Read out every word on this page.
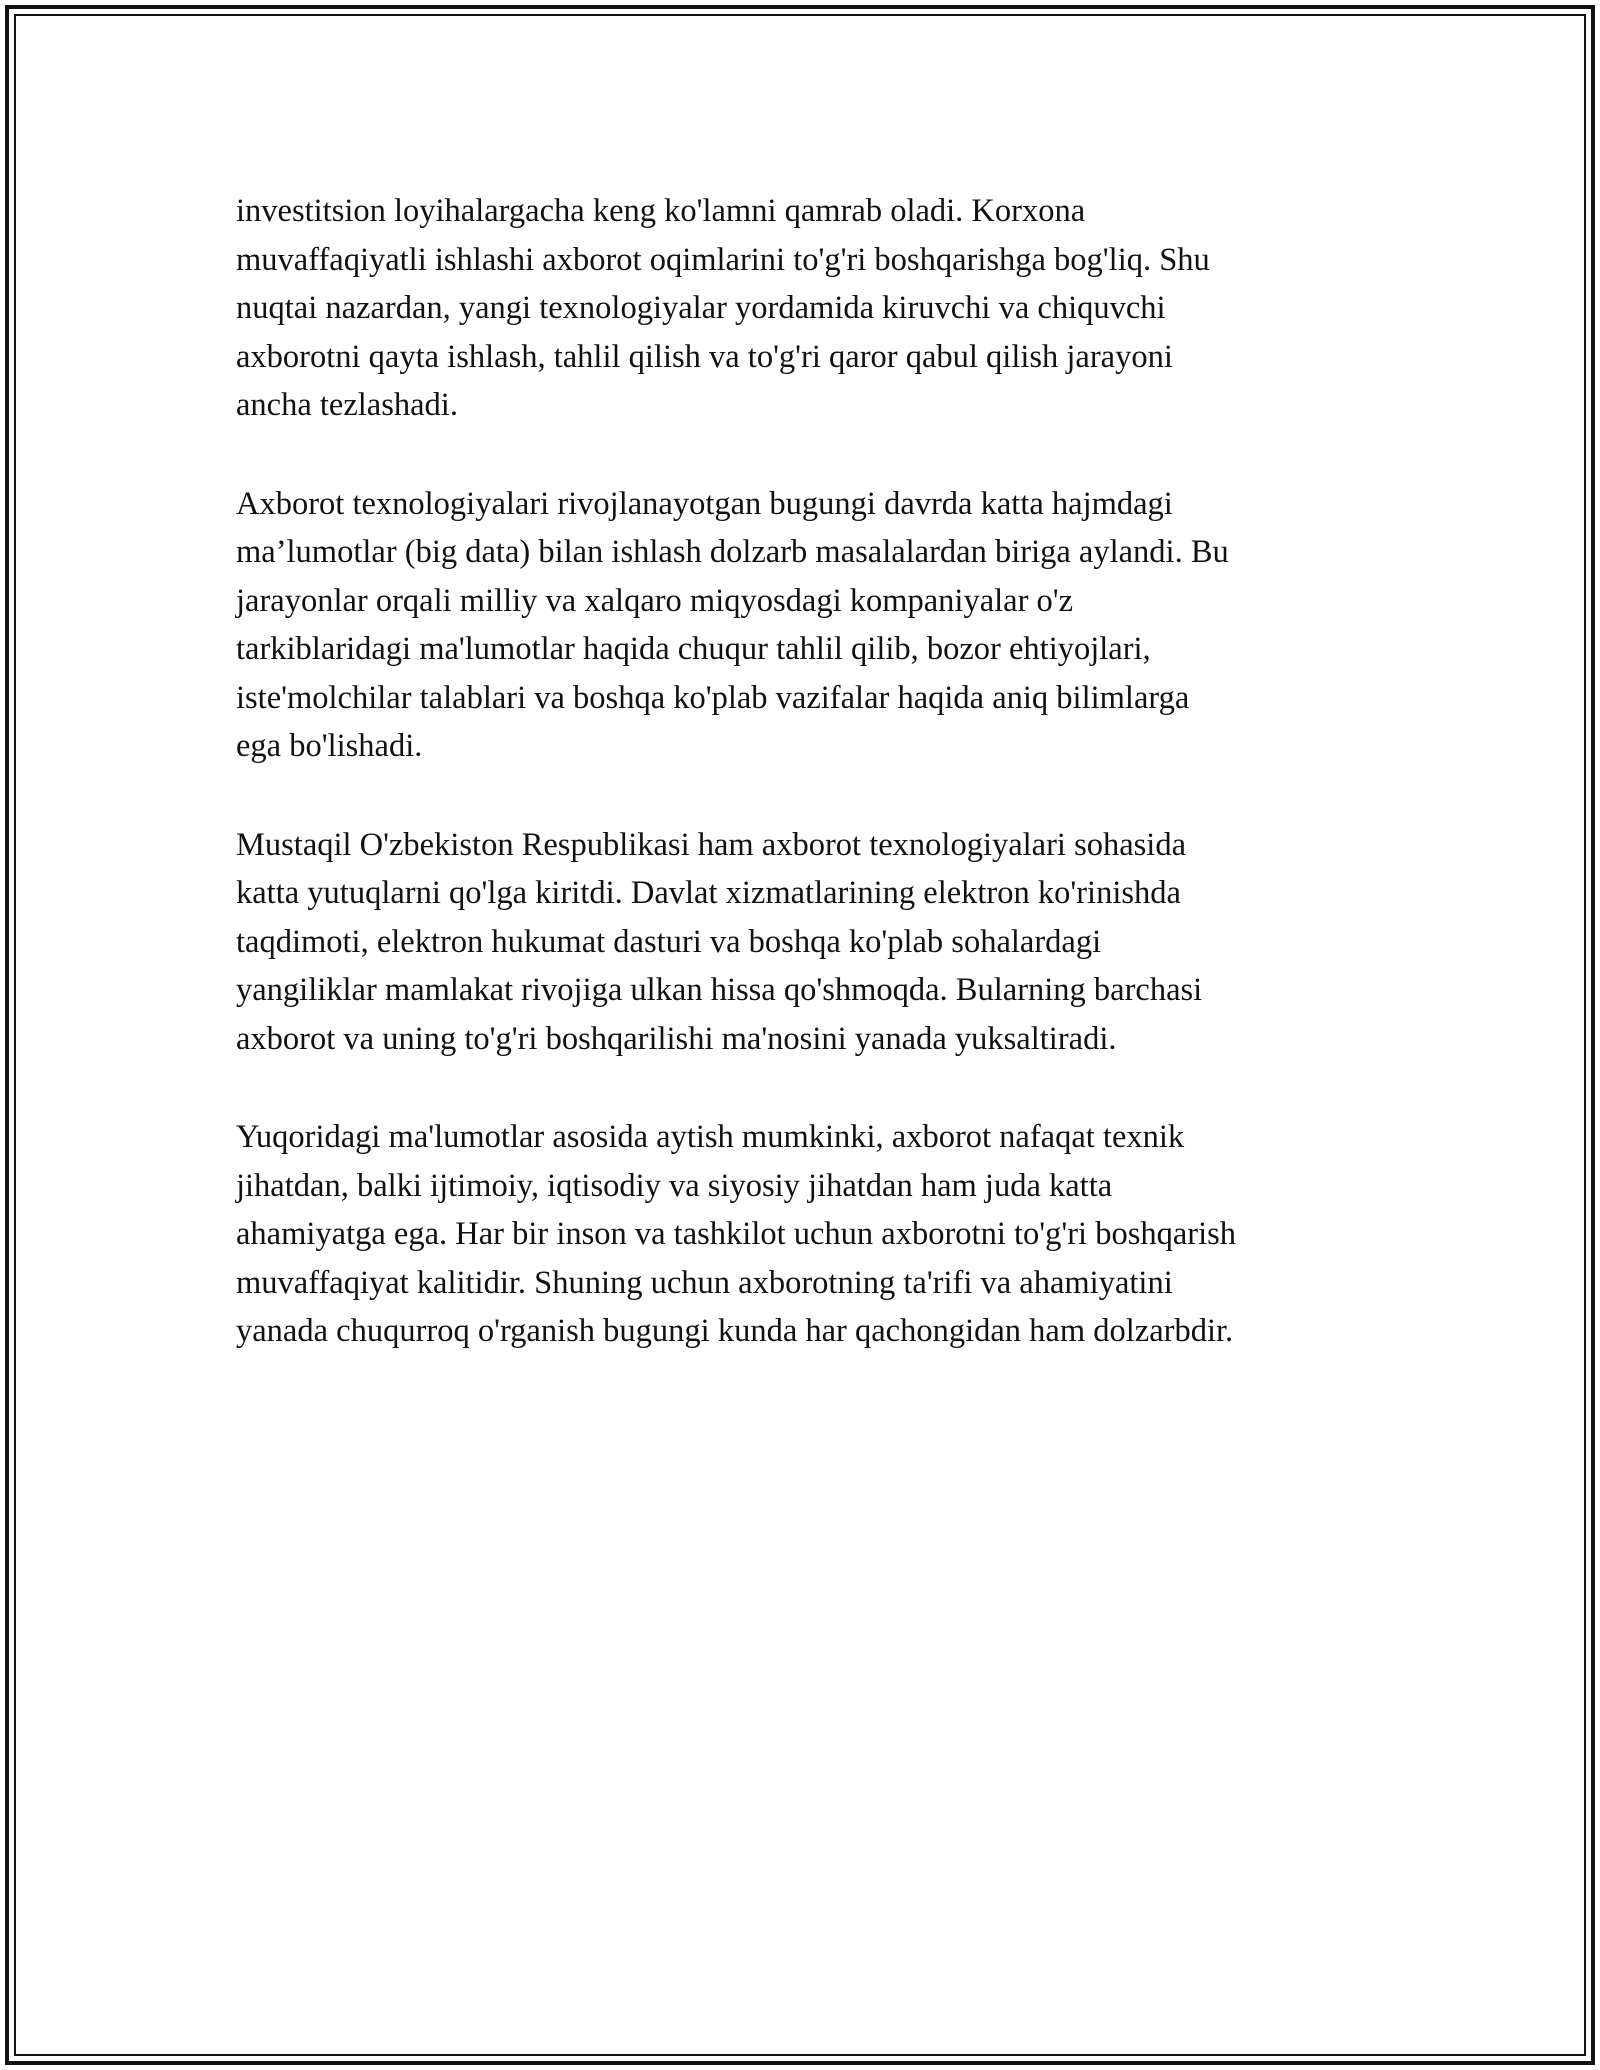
investitsion loyihalargacha keng ko'lamni qamrab oladi. Korxona
muvaffaqiyatli ishlashi axborot oqimlarini to'g'ri boshqarishga bog'liq. Shu
nuqtai nazardan, yangi texnologiyalar yordamida kiruvchi va chiquvchi
axborotni qayta ishlash, tahlil qilish va to'g'ri qaror qabul qilish jarayoni
ancha tezlashadi.

Axborot texnologiyalari rivojlanayotgan bugungi davrda katta hajmdagi
ma’lumotlar (big data) bilan ishlash dolzarb masalalardan biriga aylandi. Bu
jarayonlar orqali milliy va xalqaro miqyosdagi kompaniyalar o'z
tarkiblaridagi ma'lumotlar haqida chuqur tahlil qilib, bozor ehtiyojlari,
iste'molchilar talablari va boshqa ko'plab vazifalar haqida aniq bilimlarga
ega bo'lishadi.

Mustaqil O'zbekiston Respublikasi ham axborot texnologiyalari sohasida
katta yutuqlarni qo'lga kiritdi. Davlat xizmatlarining elektron ko'rinishda
taqdimoti, elektron hukumat dasturi va boshqa ko'plab sohalardagi
yangiliklar mamlakat rivojiga ulkan hissa qo'shmoqda. Bularning barchasi
axborot va uning to'g'ri boshqarilishi ma'nosini yanada yuksaltiradi.

Yuqoridagi ma'lumotlar asosida aytish mumkinki, axborot nafaqat texnik
jihatdan, balki ijtimoiy, iqtisodiy va siyosiy jihatdan ham juda katta
ahamiyatga ega. Har bir inson va tashkilot uchun axborotni to'g'ri boshqarish
muvaffaqiyat kalitidir. Shuning uchun axborotning ta'rifi va ahamiyatini
yanada chuqurroq o'rganish bugungi kunda har qachongidan ham dolzarbdir.
